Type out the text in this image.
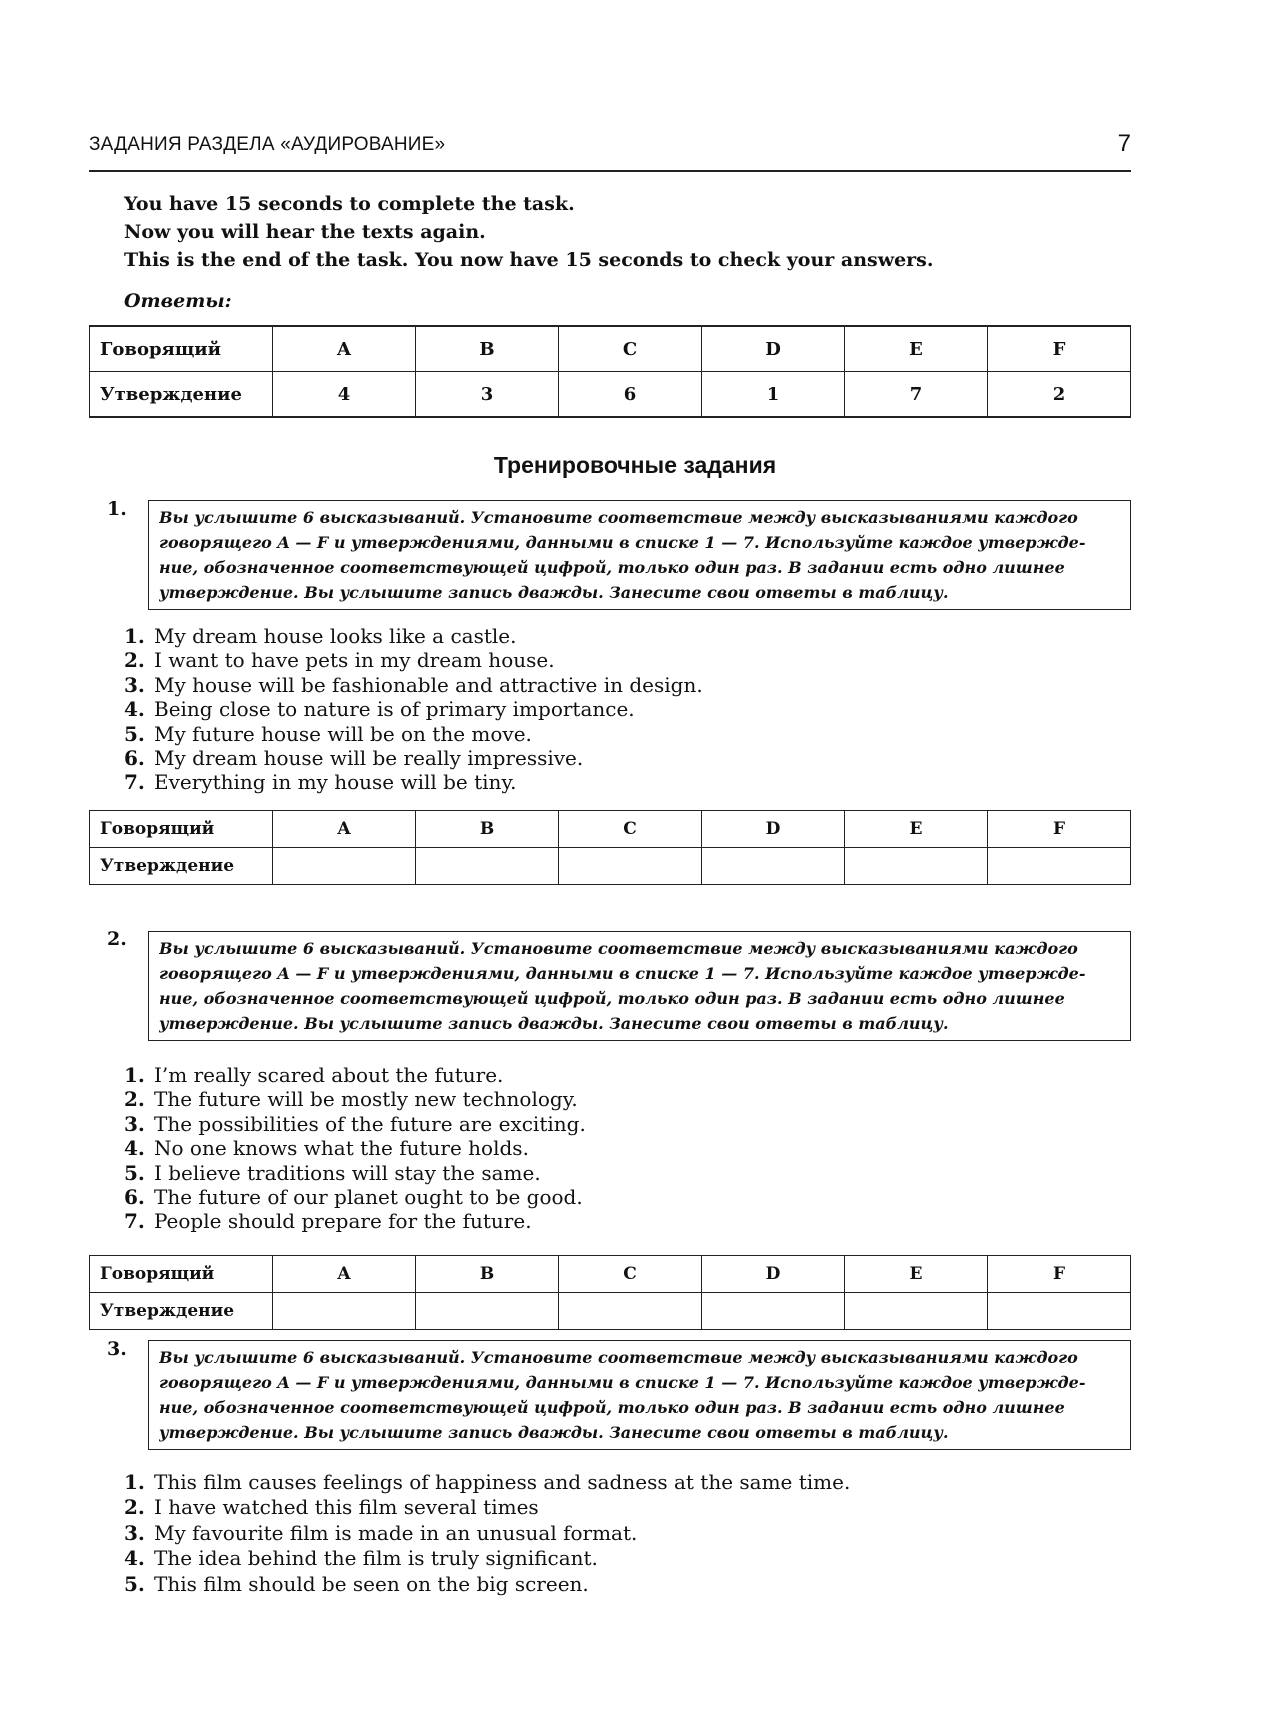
ЗАДАНИЯ РАЗДЕЛА «АУДИРОВАНИЕ»	7
You have 15 seconds to complete the task.
Now you will hear the texts again.
This is the end of the task. You now have 15 seconds to check your answers.
Ответы:
Говорящий	A	B	C	D	E	F
Утверждение	4	3	6	1	7	2
Тренировочные задания
1. Вы услышите 6 высказываний. Установите соответствие между высказываниями каждого
говорящего A — F и утверждениями, данными в списке 1 — 7. Используйте каждое утвержде-
ние, обозначенное соответствующей цифрой, только один раз. В задании есть одно лишнее
утверждение. Вы услышите запись дважды. Занесите свои ответы в таблицу.
1. My dream house looks like a castle.
2. I want to have pets in my dream house.
3. My house will be fashionable and attractive in design.
4. Being close to nature is of primary importance.
5. My future house will be on the move.
6. My dream house will be really impressive.
7. Everything in my house will be tiny.
Говорящий	A	B	C	D	E	F
Утверждение						
2. Вы услышите 6 высказываний. Установите соответствие между высказываниями каждого
говорящего A — F и утверждениями, данными в списке 1 — 7. Используйте каждое утвержде-
ние, обозначенное соответствующей цифрой, только один раз. В задании есть одно лишнее
утверждение. Вы услышите запись дважды. Занесите свои ответы в таблицу.
1. I’m really scared about the future.
2. The future will be mostly new technology.
3. The possibilities of the future are exciting.
4. No one knows what the future holds.
5. I believe traditions will stay the same.
6. The future of our planet ought to be good.
7. People should prepare for the future.
Говорящий	A	B	C	D	E	F
Утверждение						
3. Вы услышите 6 высказываний. Установите соответствие между высказываниями каждого
говорящего A — F и утверждениями, данными в списке 1 — 7. Используйте каждое утвержде-
ние, обозначенное соответствующей цифрой, только один раз. В задании есть одно лишнее
утверждение. Вы услышите запись дважды. Занесите свои ответы в таблицу.
1. This film causes feelings of happiness and sadness at the same time.
2. I have watched this film several times
3. My favourite film is made in an unusual format.
4. The idea behind the film is truly significant.
5. This film should be seen on the big screen.
